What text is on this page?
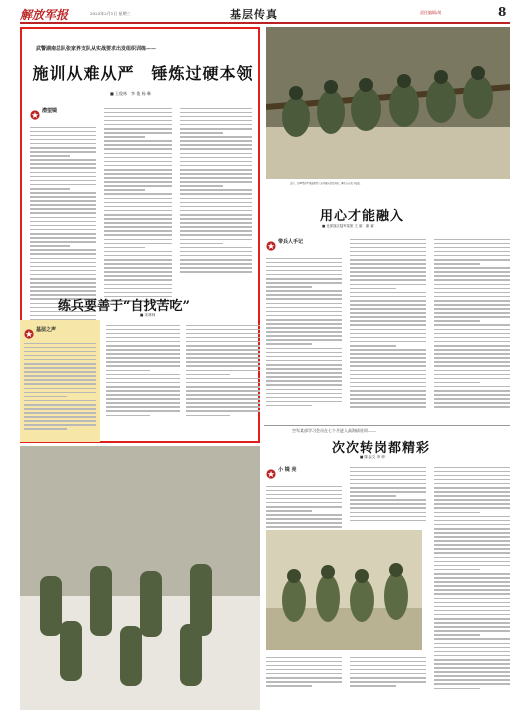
解放军报	2023年2月1日 星期三	基层传真	责任编辑/胡	8
武警湖南总队张家界支队从实战要求出发组织训练——
施训从难从严　锤炼过硬本领
■ 王俊林　李 俊 杨 琳
潜望镜
近日，第80集团军某旅组织官兵开展实战化训练，锤炼官兵战斗技能。
用心才能融入
■ 北部战区陆军某旅 王 丽　谢 睿
带兵人手记
练兵要善于“自找苦吃”
■ 宋林林
基层之声
空军某部学习会员在七个月进入高海拔驻训——
次次转岗都精彩
■ 陈金文 李 坤
小 镜 亮
